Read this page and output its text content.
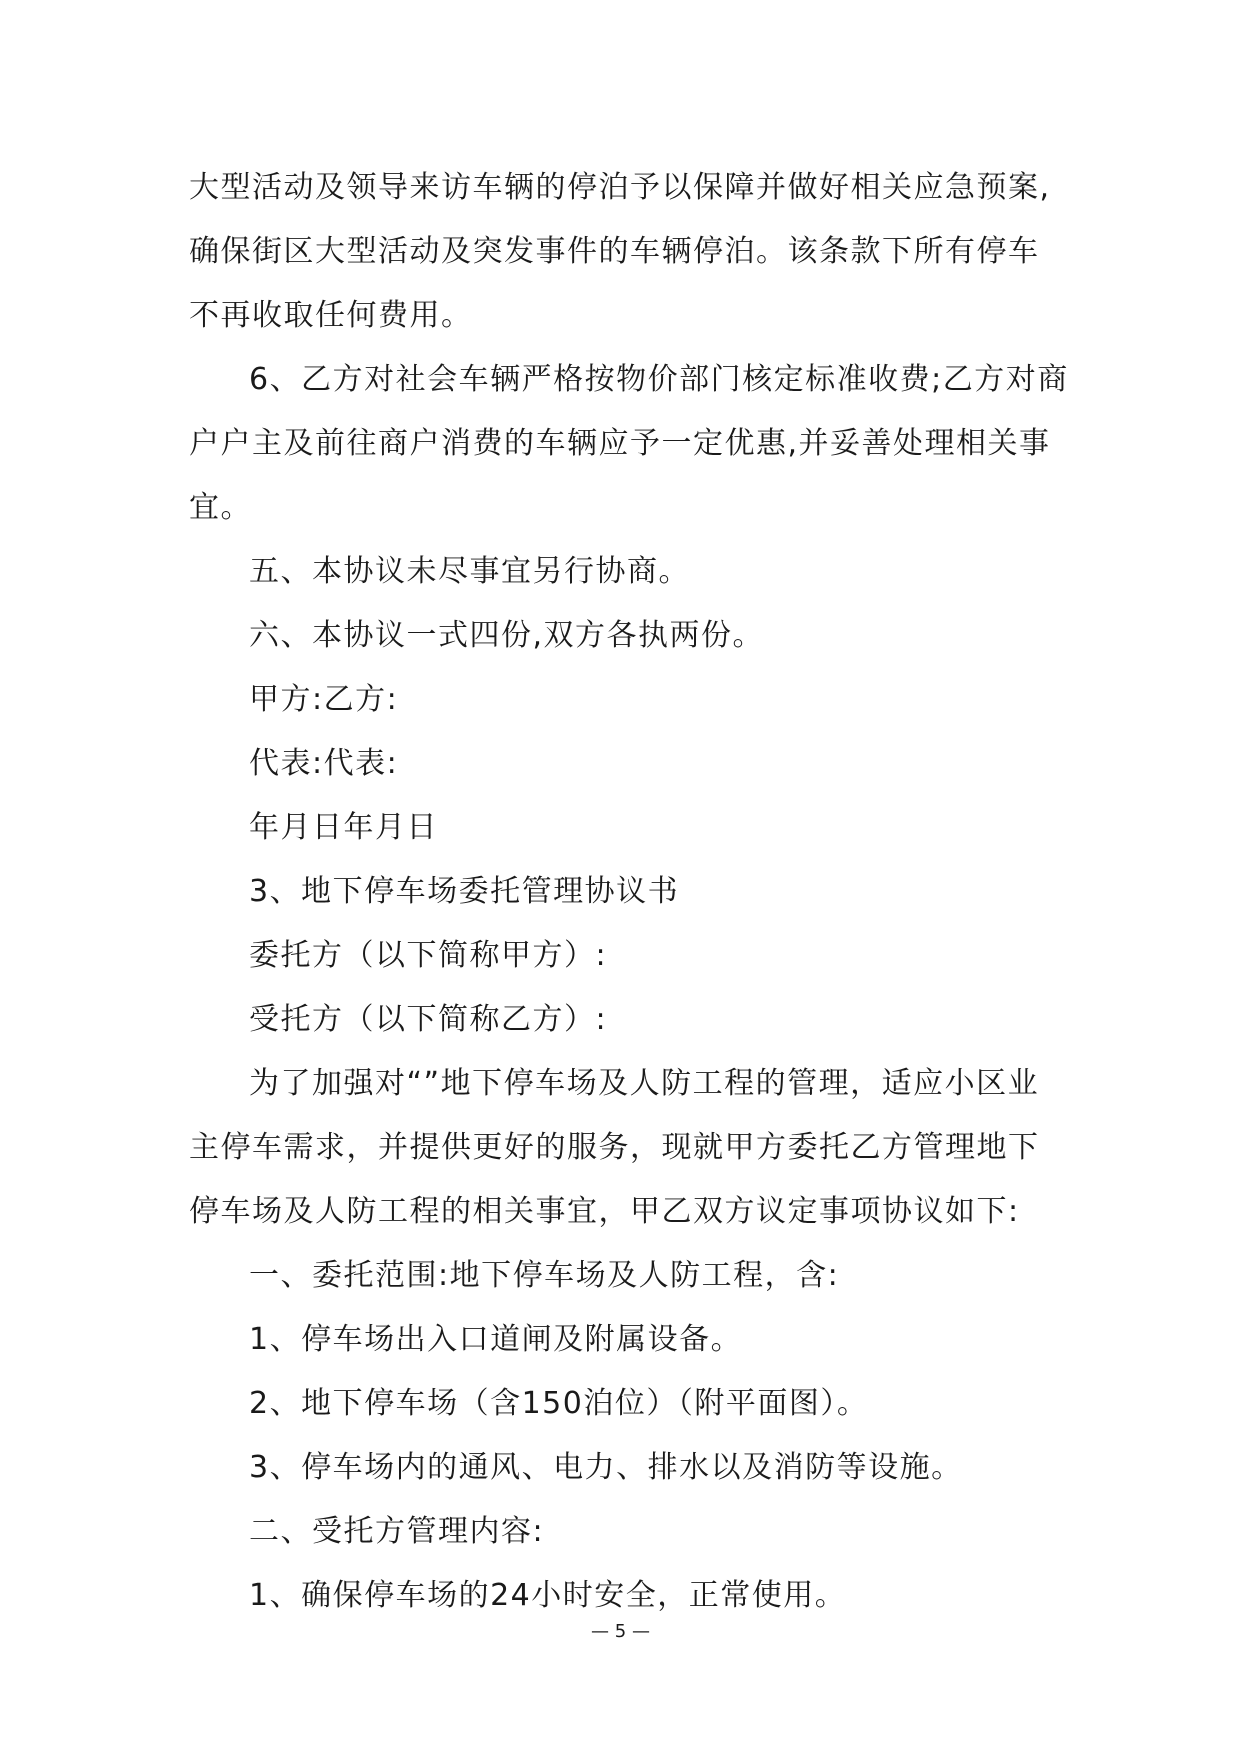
大型活动及领导来访车辆的停泊予以保障并做好相关应急预案,确保街区大型活动及突发事件的车辆停泊。该条款下所有停车不再收取任何费用。

6、乙方对社会车辆严格按物价部门核定标准收费;乙方对商户户主及前往商户消费的车辆应予一定优惠,并妥善处理相关事宜。

五、本协议未尽事宜另行协商。

六、本协议一式四份,双方各执两份。

甲方:乙方:

代表:代表:

年月日年月日

3、地下停车场委托管理协议书

委托方（以下简称甲方）:

受托方（以下简称乙方）:

为了加强对“”地下停车场及人防工程的管理，适应小区业主停车需求，并提供更好的服务，现就甲方委托乙方管理地下停车场及人防工程的相关事宜，甲乙双方议定事项协议如下:

一、委托范围:地下停车场及人防工程，含:

1、停车场出入口道闸及附属设备。

2、地下停车场（含150泊位）（附平面图）。

3、停车场内的通风、电力、排水以及消防等设施。

二、受托方管理内容:

1、确保停车场的24小时安全，正常使用。

— 5 —
